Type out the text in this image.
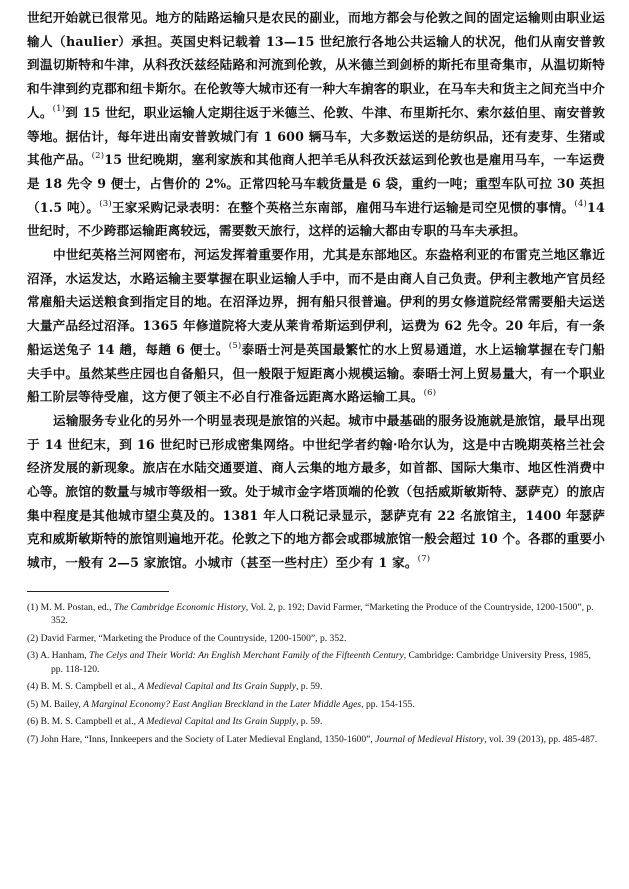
世纪开始就已很常见。地方的陆路运输只是农民的副业，而地方都会与伦敦之间的固定运输则由职业运输人（haulier）承担。英国史料记载着 13—15 世纪旅行各地公共运输人的状况，他们从南安普敦到温切斯特和牛津，从科孜沃兹经陆路和河流到伦敦，从米德兰到剑桥的斯托布里奇集市，从温切斯特和牛津到约克郡和纽卡斯尔。在伦敦等大城市还有一种大车掮客的职业，在马车夫和货主之间充当中介人。$^{(1)}$到 15 世纪，职业运输人定期往返于米德兰、伦敦、牛津、布里斯托尔、索尔兹伯里、南安普敦等地。据估计，每年进出南安普敦城门有 1 600 辆马车，大多数运送的是纺织品，还有麦芽、生猪或其他产品。$^{(2)}$15 世纪晚期，塞利家族和其他商人把羊毛从科孜沃兹运到伦敦也是雇用马车，一车运费是 18 先令 9 便士，占售价的 2%。正常四轮马车载货量是 6 袋，重约一吨；重型车队可拉 30 英担（1.5 吨）。$^{(3)}$王家采购记录表明：在整个英格兰东南部，雇佣马车进行运输是司空见惯的事情。$^{(4)}$14 世纪时，不少跨郡运输距离较远，需要数天旅行，这样的运输大都由专职的马车夫承担。

中世纪英格兰河网密布，河运发挥着重要作用，尤其是东部地区。东盎格利亚的布雷克兰地区靠近沼泽，水运发达，水路运输主要掌握在职业运输人手中，而不是由商人自己负责。伊利主教地产官员经常雇船夫运送粮食到指定目的地。在沼泽边界，拥有船只很普遍。伊利的男女修道院经常需要船夫运送大量产品经过沼泽。1365 年修道院将大麦从莱肯希斯运到伊利，运费为 62 先令。20 年后，有一条船运送兔子 14 趟，每趟 6 便士。$^{(5)}$泰晤士河是英国最繁忙的水上贸易通道，水上运输掌握在专门船夫手中。虽然某些庄园也自备船只，但一般限于短距离小规模运输。泰晤士河上贸易量大，有一个职业船工阶层等待受雇，这方便了领主不必自行准备远距离水路运输工具。$^{(6)}$

运输服务专业化的另外一个明显表现是旅馆的兴起。城市中最基础的服务设施就是旅馆，最早出现于 14 世纪末，到 16 世纪时已形成密集网络。中世纪学者约翰·哈尔认为，这是中古晚期英格兰社会经济发展的新现象。旅店在水陆交通要道、商人云集的地方最多，如首都、国际大集市、地区性消费中心等。旅馆的数量与城市等级相一致。处于城市金字塔顶端的伦敦（包括威斯敏斯特、瑟萨克）的旅店集中程度是其他城市望尘莫及的。1381 年人口税记录显示，瑟萨克有 22 名旅馆主，1400 年瑟萨克和威斯敏斯特的旅馆则遍地开花。伦敦之下的地方都会或郡城旅馆一般会超过 10 个。各郡的重要小城市，一般有 2—5 家旅馆。小城市（甚至一些村庄）至少有 1 家。$^{(7)}$

(1) M. M. Postan, ed., The Cambridge Economic History, Vol. 2, p. 192; David Farmer, “Marketing the Produce of the Countryside, 1200-1500”, p. 352.

(2) David Farmer, “Marketing the Produce of the Countryside, 1200-1500”, p. 352.

(3) A. Hanham, The Celys and Their World: An English Merchant Family of the Fifteenth Century, Cambridge: Cambridge University Press, 1985, pp. 118-120.

(4) B. M. S. Campbell et al., A Medieval Capital and Its Grain Supply, p. 59.

(5) M. Bailey, A Marginal Economy? East Anglian Breckland in the Later Middle Ages, pp. 154-155.

(6) B. M. S. Campbell et al., A Medieval Capital and Its Grain Supply, p. 59.

(7) John Hare, “Inns, Innkeepers and the Society of Later Medieval England, 1350-1600”, Journal of Medieval History, vol. 39 (2013), pp. 485-487.
